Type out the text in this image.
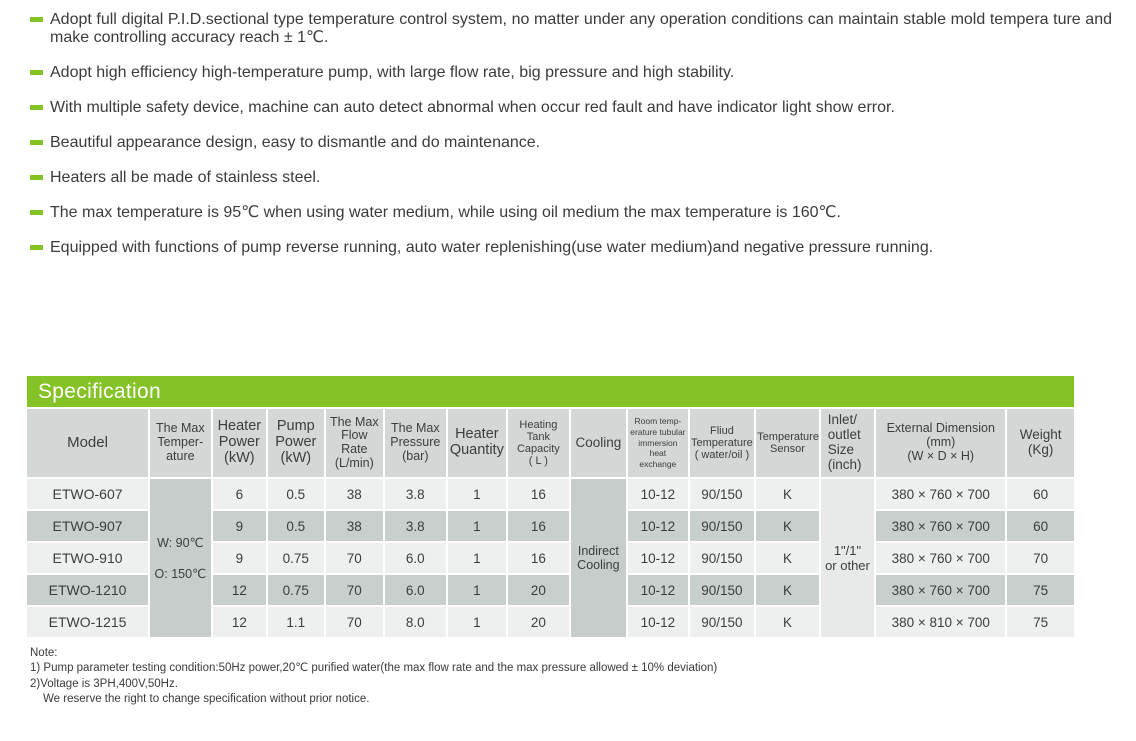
Adopt full digital P.I.D.sectional type temperature control system, no matter under any operation conditions can maintain stable mold tempera ture and make controlling accuracy reach ± 1℃.

Adopt high efficiency high-temperature pump, with large flow rate, big pressure and high stability.

With multiple safety device, machine can auto detect abnormal when occur red fault and have indicator light show error.

Beautiful appearance design, easy to dismantle and do maintenance.

Heaters all be made of stainless steel.

The max temperature is 95℃ when using water medium, while using oil medium the max temperature is 160℃.

Equipped with functions of pump reverse running, auto water replenishing(use water medium)and negative pressure running.

Specification
Model	The Max
Temper-
ature	Heater
Power
(kW)	Pump
Power
(kW)	The Max
Flow Rate
(L/min)	The Max
Pressure
(bar)	Heater
Quantity	Heating
Tank
Capacity
( L )	Cooling	Room temp-
erature tubular
immersion heat
exchange	Fliud
Temperature
( water/oil )	Temperature
Sensor	Inlet/
outlet
Size
(inch)	External Dimension
(mm)
(W × D × H)	Weight
(Kg)

ETWO-607	W: 90℃
O: 150℃	6	0.5	38	3.8	1	16	Indirect
Cooling	10-12	90/150	K	1"/1"
or other	380 × 760 × 700	60
ETWO-907		9	0.5	38	3.8	1	16		10-12	90/150	K		380 × 760 × 700	60
ETWO-910		9	0.75	70	6.0	1	16		10-12	90/150	K		380 × 760 × 700	70
ETWO-1210		12	0.75	70	6.0	1	20		10-12	90/150	K		380 × 760 × 700	75
ETWO-1215		12	1.1	70	8.0	1	20		10-12	90/150	K		380 × 810 × 700	75

Note:

1) Pump parameter testing condition:50Hz power,20℃ purified water(the max flow rate and the max pressure allowed ± 10% deviation)

2)Voltage is 3PH,400V,50Hz.

We reserve the right to change specification without prior notice.
